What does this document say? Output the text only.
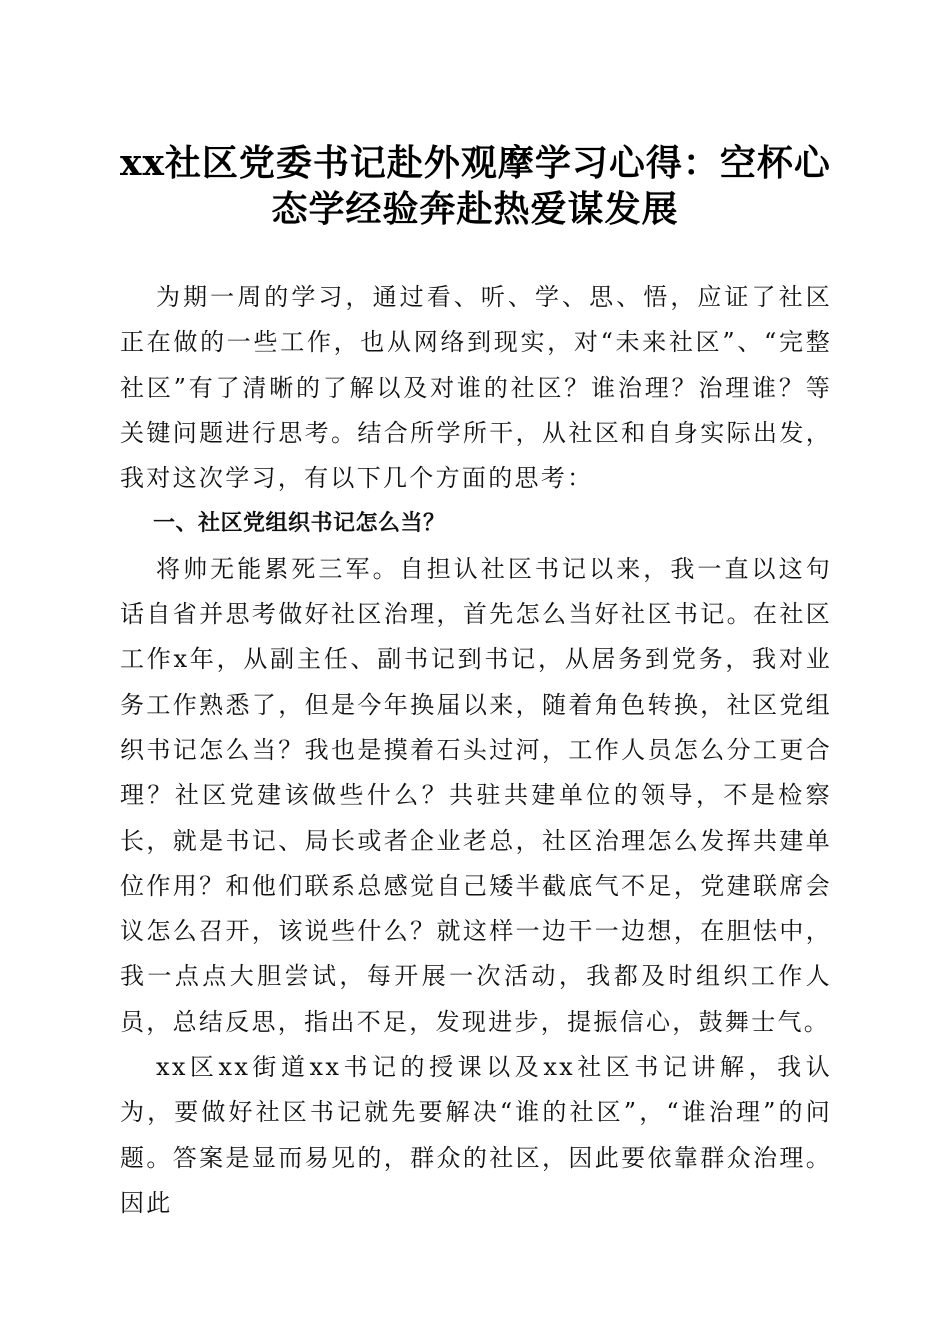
xx社区党委书记赴外观摩学习心得：空杯心
态学经验奔赴热爱谋发展

为期一周的学习，通过看、听、学、思、悟，应证了社区正在做的一些工作，也从网络到现实，对“未来社区”、“完整社区”有了清晰的了解以及对谁的社区？谁治理？治理谁？等关键问题进行思考。结合所学所干，从社区和自身实际出发，我对这次学习，有以下几个方面的思考：

一、社区党组织书记怎么当？

将帅无能累死三军。自担认社区书记以来，我一直以这句话自省并思考做好社区治理，首先怎么当好社区书记。在社区工作x年，从副主任、副书记到书记，从居务到党务，我对业务工作熟悉了，但是今年换届以来，随着角色转换，社区党组织书记怎么当？我也是摸着石头过河，工作人员怎么分工更合理？社区党建该做些什么？共驻共建单位的领导，不是检察长，就是书记、局长或者企业老总，社区治理怎么发挥共建单位作用？和他们联系总感觉自己矮半截底气不足，党建联席会议怎么召开，该说些什么？就这样一边干一边想，在胆怯中，我一点点大胆尝试，每开展一次活动，我都及时组织工作人员，总结反思，指出不足，发现进步，提振信心，鼓舞士气。

xx区xx街道xx书记的授课以及xx社区书记讲解，我认为，要做好社区书记就先要解决“谁的社区”，“谁治理”的问题。答案是显而易见的，群众的社区，因此要依靠群众治理。因此
